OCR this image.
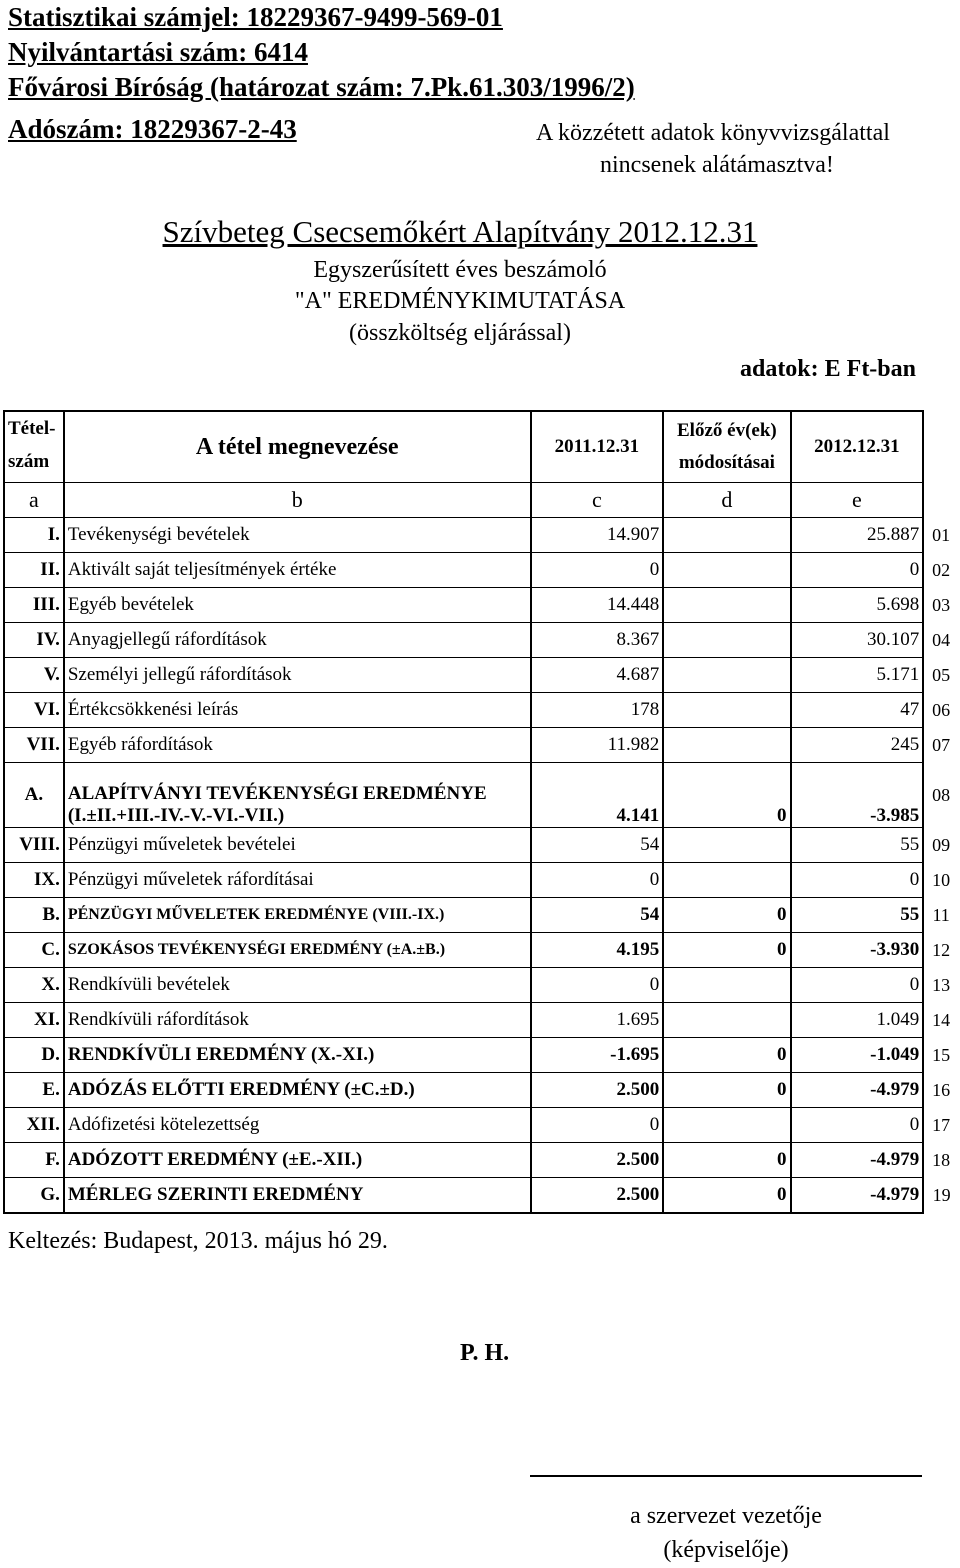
Statisztikai számjel: 18229367-9499-569-01
Nyilvántartási szám: 6414
Fővárosi Bíróság (határozat szám: 7.Pk.61.303/1996/2)
Adószám: 18229367-2-43	A közzétett adatok könyvvizsgálattal
nincsenek alátámasztva!
Szívbeteg Csecsemőkért Alapítvány 2012.12.31
Egyszerűsített éves beszámoló
"A" EREDMÉNYKIMUTATÁSA
(összköltség eljárással)
adatok: E Ft-ban
Tétel-
szám	A tétel megnevezése	2011.12.31	Előző év(ek)
módosításai	2012.12.31	
a	b	c	d	e	
I.	Tevékenységi bevételek	14.907		25.887	01
II.	Aktivált saját teljesítmények értéke	0		0	02
III.	Egyéb bevételek	14.448		5.698	03
IV.	Anyagjellegű ráfordítások	8.367		30.107	04
V.	Személyi jellegű ráfordítások	4.687		5.171	05
VI.	Értékcsökkenési leírás	178		47	06
VII.	Egyéb ráfordítások	11.982		245	07
A.	ALAPÍTVÁNYI TEVÉKENYSÉGI EREDMÉNYE
(I.±II.+III.-IV.-V.-VI.-VII.)	4.141	0	-3.985	08
VIII.	Pénzügyi műveletek bevételei	54		55	09
IX.	Pénzügyi műveletek ráfordításai	0		0	10
B.	PÉNZÜGYI MŰVELETEK EREDMÉNYE (VIII.-IX.)	54	0	55	11
C.	SZOKÁSOS TEVÉKENYSÉGI EREDMÉNY (±A.±B.)	4.195	0	-3.930	12
X.	Rendkívüli bevételek	0		0	13
XI.	Rendkívüli ráfordítások	1.695		1.049	14
D.	RENDKÍVÜLI EREDMÉNY (X.-XI.)	-1.695	0	-1.049	15
E.	ADÓZÁS ELŐTTI EREDMÉNY (±C.±D.)	2.500	0	-4.979	16
XII.	Adófizetési kötelezettség	0		0	17
F.	ADÓZOTT EREDMÉNY (±E.-XII.)	2.500	0	-4.979	18
G.	MÉRLEG SZERINTI EREDMÉNY	2.500	0	-4.979	19
Keltezés: Budapest, 2013. május hó 29.
P. H.
a szervezet vezetője
(képviselője)
